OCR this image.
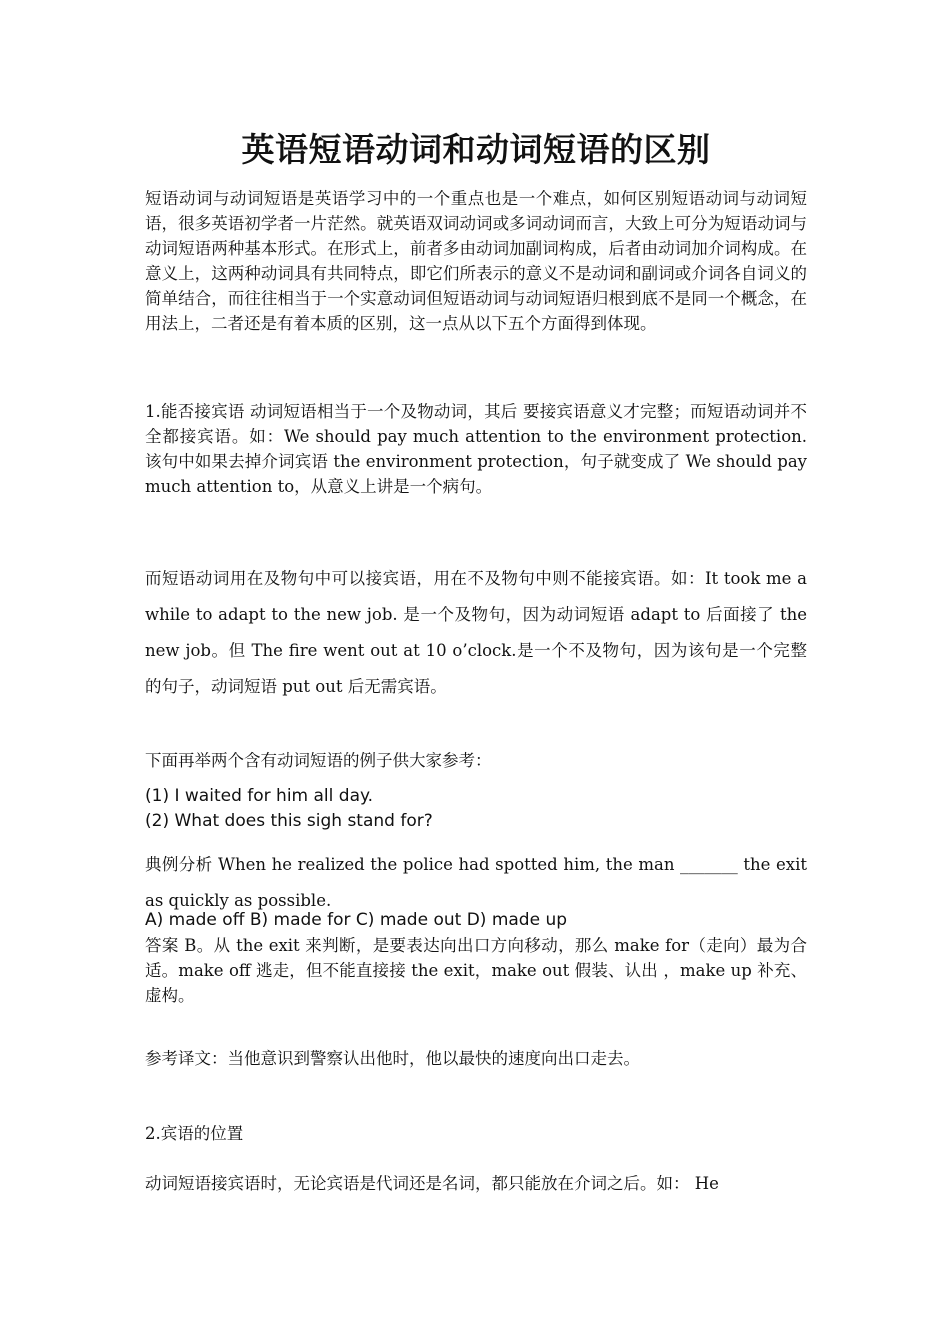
英语短语动词和动词短语的区别

短语动词与动词短语是英语学习中的一个重点也是一个难点，如何区别短语动词与动词短语，很多英语初学者一片茫然。就英语双词动词或多词动词而言，大致上可分为短语动词与动词短语两种基本形式。在形式上，前者多由动词加副词构成，后者由动词加介词构成。在意义上，这两种动词具有共同特点，即它们所表示的意义不是动词和副词或介词各自词义的简单结合，而往往相当于一个实意动词但短语动词与动词短语归根到底不是同一个概念，在用法上，二者还是有着本质的区别，这一点从以下五个方面得到体现。

1.能否接宾语 动词短语相当于一个及物动词，其后 要接宾语意义才完整；而短语动词并不全都接宾语。如：We should pay much attention to the environment protection. 该句中如果去掉介词宾语 the environment protection，句子就变成了 We should pay much attention to，从意义上讲是一个病句。

而短语动词用在及物句中可以接宾语，用在不及物句中则不能接宾语。如：It took me a while to adapt to the new job. 是一个及物句，因为动词短语 adapt to 后面接了 the new job。但 The fire went out at 10 o’clock.是一个不及物句，因为该句是一个完整的句子，动词短语 put out 后无需宾语。

下面再举两个含有动词短语的例子供大家参考：

(1) I waited for him all day.

(2) What does this sigh stand for?

典例分析 When he realized the police had spotted him, the man _______ the exit as quickly as possible.

A) made off B) made for C) made out D) made up

答案 B。从 the exit 来判断，是要表达向出口方向移动，那么 make for（走向）最为合适。make off 逃走，但不能直接接 the exit，make out 假装、认出 ，make up 补充、虚构。

参考译文：当他意识到警察认出他时，他以最快的速度向出口走去。

2.宾语的位置

动词短语接宾语时，无论宾语是代词还是名词，都只能放在介词之后。如： He
